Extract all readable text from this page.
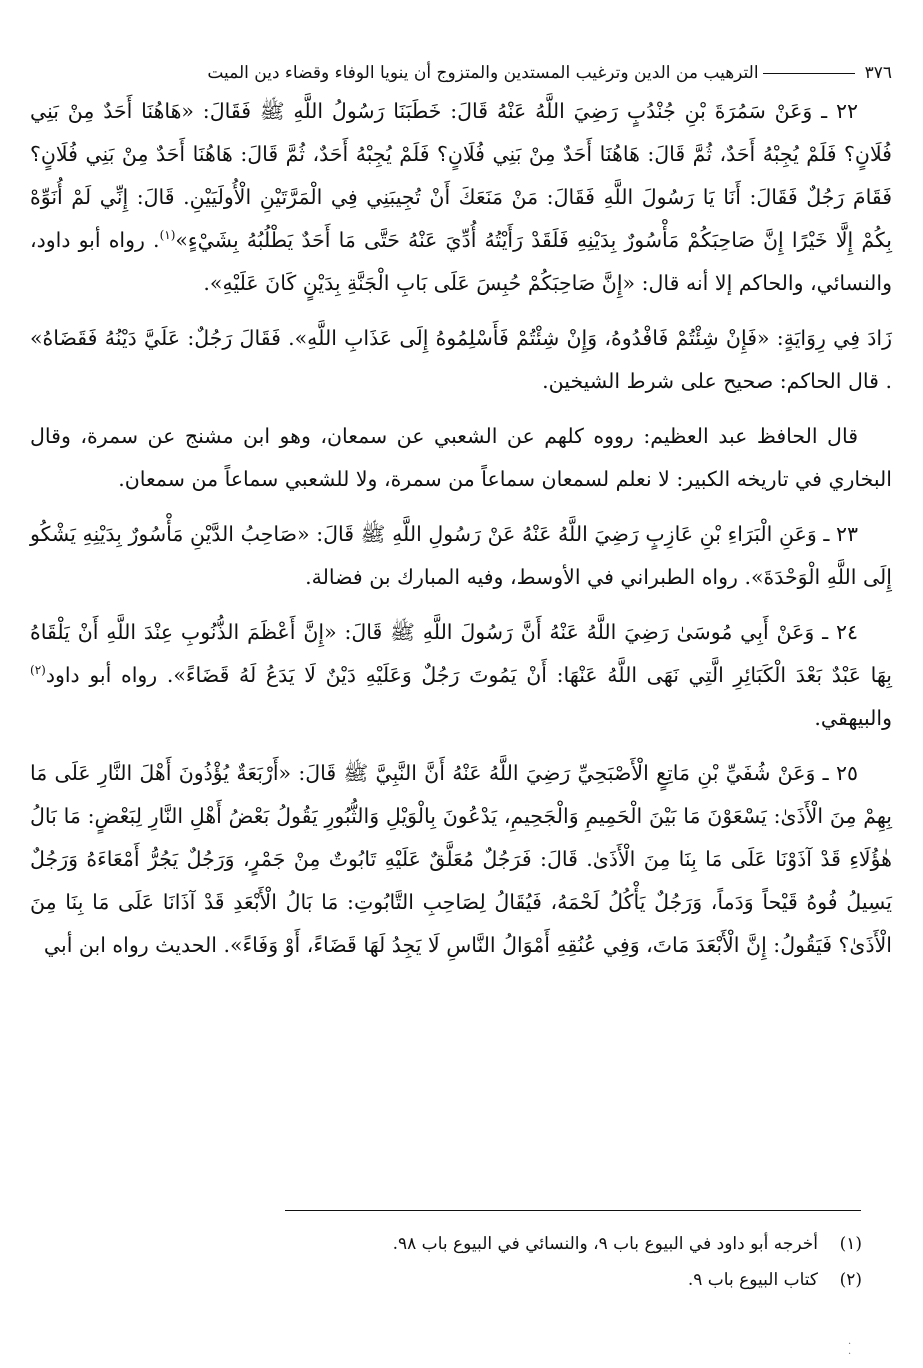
٣٧٦
الترهيب من الدين وترغيب المستدين والمتزوج أن ينويا الوفاء وقضاء دين الميت

٢٢ ـ وَعَنْ سَمُرَةَ بْنِ جُنْدُبٍ رَضِيَ اللَّهُ عَنْهُ قَالَ: خَطَبَنَا رَسُولُ اللَّهِ ﷺ فَقَالَ: «هَاهُنَا أَحَدٌ مِنْ بَنِي فُلَانٍ؟ فَلَمْ يُجِبْهُ أَحَدٌ، ثُمَّ قَالَ: هَاهُنَا أَحَدٌ مِنْ بَنِي فُلَانٍ؟ فَلَمْ يُجِبْهُ أَحَدٌ، ثُمَّ قَالَ: هَاهُنَا أَحَدٌ مِنْ بَنِي فُلَانٍ؟ فَقَامَ رَجُلٌ فَقَالَ: أَنَا يَا رَسُولَ اللَّهِ فَقَالَ: مَنْ مَنَعَكَ أَنْ تُجِيبَنِي فِي الْمَرَّتَيْنِ الْأُولَيَيْنِ. قَالَ: إِنِّي لَمْ أُنَوِّهْ بِكُمْ إِلَّا خَيْرًا إِنَّ صَاحِبَكُمْ مَأْسُورٌ بِدَيْنِهِ فَلَقَدْ رَأَيْتُهُ أُدِّيَ عَنْهُ حَتَّى مَا أَحَدٌ يَطْلُبُهُ بِشَيْءٍ»$^{(١)}$. رواه أبو داود، والنسائي، والحاكم إلا أنه قال: «إِنَّ صَاحِبَكُمْ حُبِسَ عَلَى بَابِ الْجَنَّةِ بِدَيْنٍ كَانَ عَلَيْهِ».

زَادَ فِي رِوَايَةٍ: «فَإِنْ شِئْتُمْ فَافْدُوهُ، وَإِنْ شِئْتُمْ فَأَسْلِمُوهُ إِلَى عَذَابِ اللَّهِ». فَقَالَ رَجُلٌ: عَلَيَّ دَيْنُهُ فَقَضَاهُ» . قال الحاكم: صحيح على شرط الشيخين.

قال الحافظ عبد العظيم: رووه كلهم عن الشعبي عن سمعان، وهو ابن مشنج عن سمرة، وقال البخاري في تاريخه الكبير: لا نعلم لسمعان سماعاً من سمرة، ولا للشعبي سماعاً من سمعان.

٢٣ ـ وَعَنِ الْبَرَاءِ بْنِ عَازِبٍ رَضِيَ اللَّهُ عَنْهُ عَنْ رَسُولِ اللَّهِ ﷺ قَالَ: «صَاحِبُ الدَّيْنِ مَأْسُورٌ بِدَيْنِهِ يَشْكُو إِلَى اللَّهِ الْوَحْدَةَ». رواه الطبراني في الأوسط، وفيه المبارك بن فضالة.

٢٤ ـ وَعَنْ أَبِي مُوسَىٰ رَضِيَ اللَّهُ عَنْهُ أَنَّ رَسُولَ اللَّهِ ﷺ قَالَ: «إِنَّ أَعْظَمَ الذُّنُوبِ عِنْدَ اللَّهِ أَنْ يَلْقَاهُ بِهَا عَبْدٌ بَعْدَ الْكَبَائِرِ الَّتِي نَهَى اللَّهُ عَنْهَا: أَنْ يَمُوتَ رَجُلٌ وَعَلَيْهِ دَيْنٌ لَا يَدَعُ لَهُ قَضَاءً». رواه أبو داود$^{(٢)}$ والبيهقي.

٢٥ ـ وَعَنْ شُفَيِّ بْنِ مَاتِعٍ الْأَصْبَحِيِّ رَضِيَ اللَّهُ عَنْهُ أَنَّ النَّبِيَّ ﷺ قَالَ: «أَرْبَعَةٌ يُؤْذُونَ أَهْلَ النَّارِ عَلَى مَا بِهِمْ مِنَ الْأَذَىٰ: يَسْعَوْنَ مَا بَيْنَ الْحَمِيمِ وَالْجَحِيمِ، يَدْعُونَ بِالْوَيْلِ وَالثُّبُورِ يَقُولُ بَعْضُ أَهْلِ النَّارِ لِبَعْضٍ: مَا بَالُ هٰؤُلَاءِ قَدْ آذَوْنَا عَلَى مَا بِنَا مِنَ الْأَذَىٰ. قَالَ: فَرَجُلٌ مُعَلَّقٌ عَلَيْهِ تَابُوتٌ مِنْ جَمْرٍ، وَرَجُلٌ يَجُرُّ أَمْعَاءَهُ وَرَجُلٌ يَسِيلُ فُوهُ قَيْحاً وَدَماً، وَرَجُلٌ يَأْكُلُ لَحْمَهُ، فَيُقَالُ لِصَاحِبِ التَّابُوتِ: مَا بَالُ الْأَبْعَدِ قَدْ آذَانَا عَلَى مَا بِنَا مِنَ الْأَذَىٰ؟ فَيَقُولُ: إِنَّ الْأَبْعَدَ مَاتَ، وَفِي عُنُقِهِ أَمْوَالُ النَّاسِ لَا يَجِدُ لَهَا قَضَاءً، أَوْ وَفَاءً». الحديث رواه ابن أبي

(١)
أخرجه أبو داود في البيوع باب ٩، والنسائي في البيوع باب ٩٨.
(٢)
كتاب البيوع باب ٩.
·
·
